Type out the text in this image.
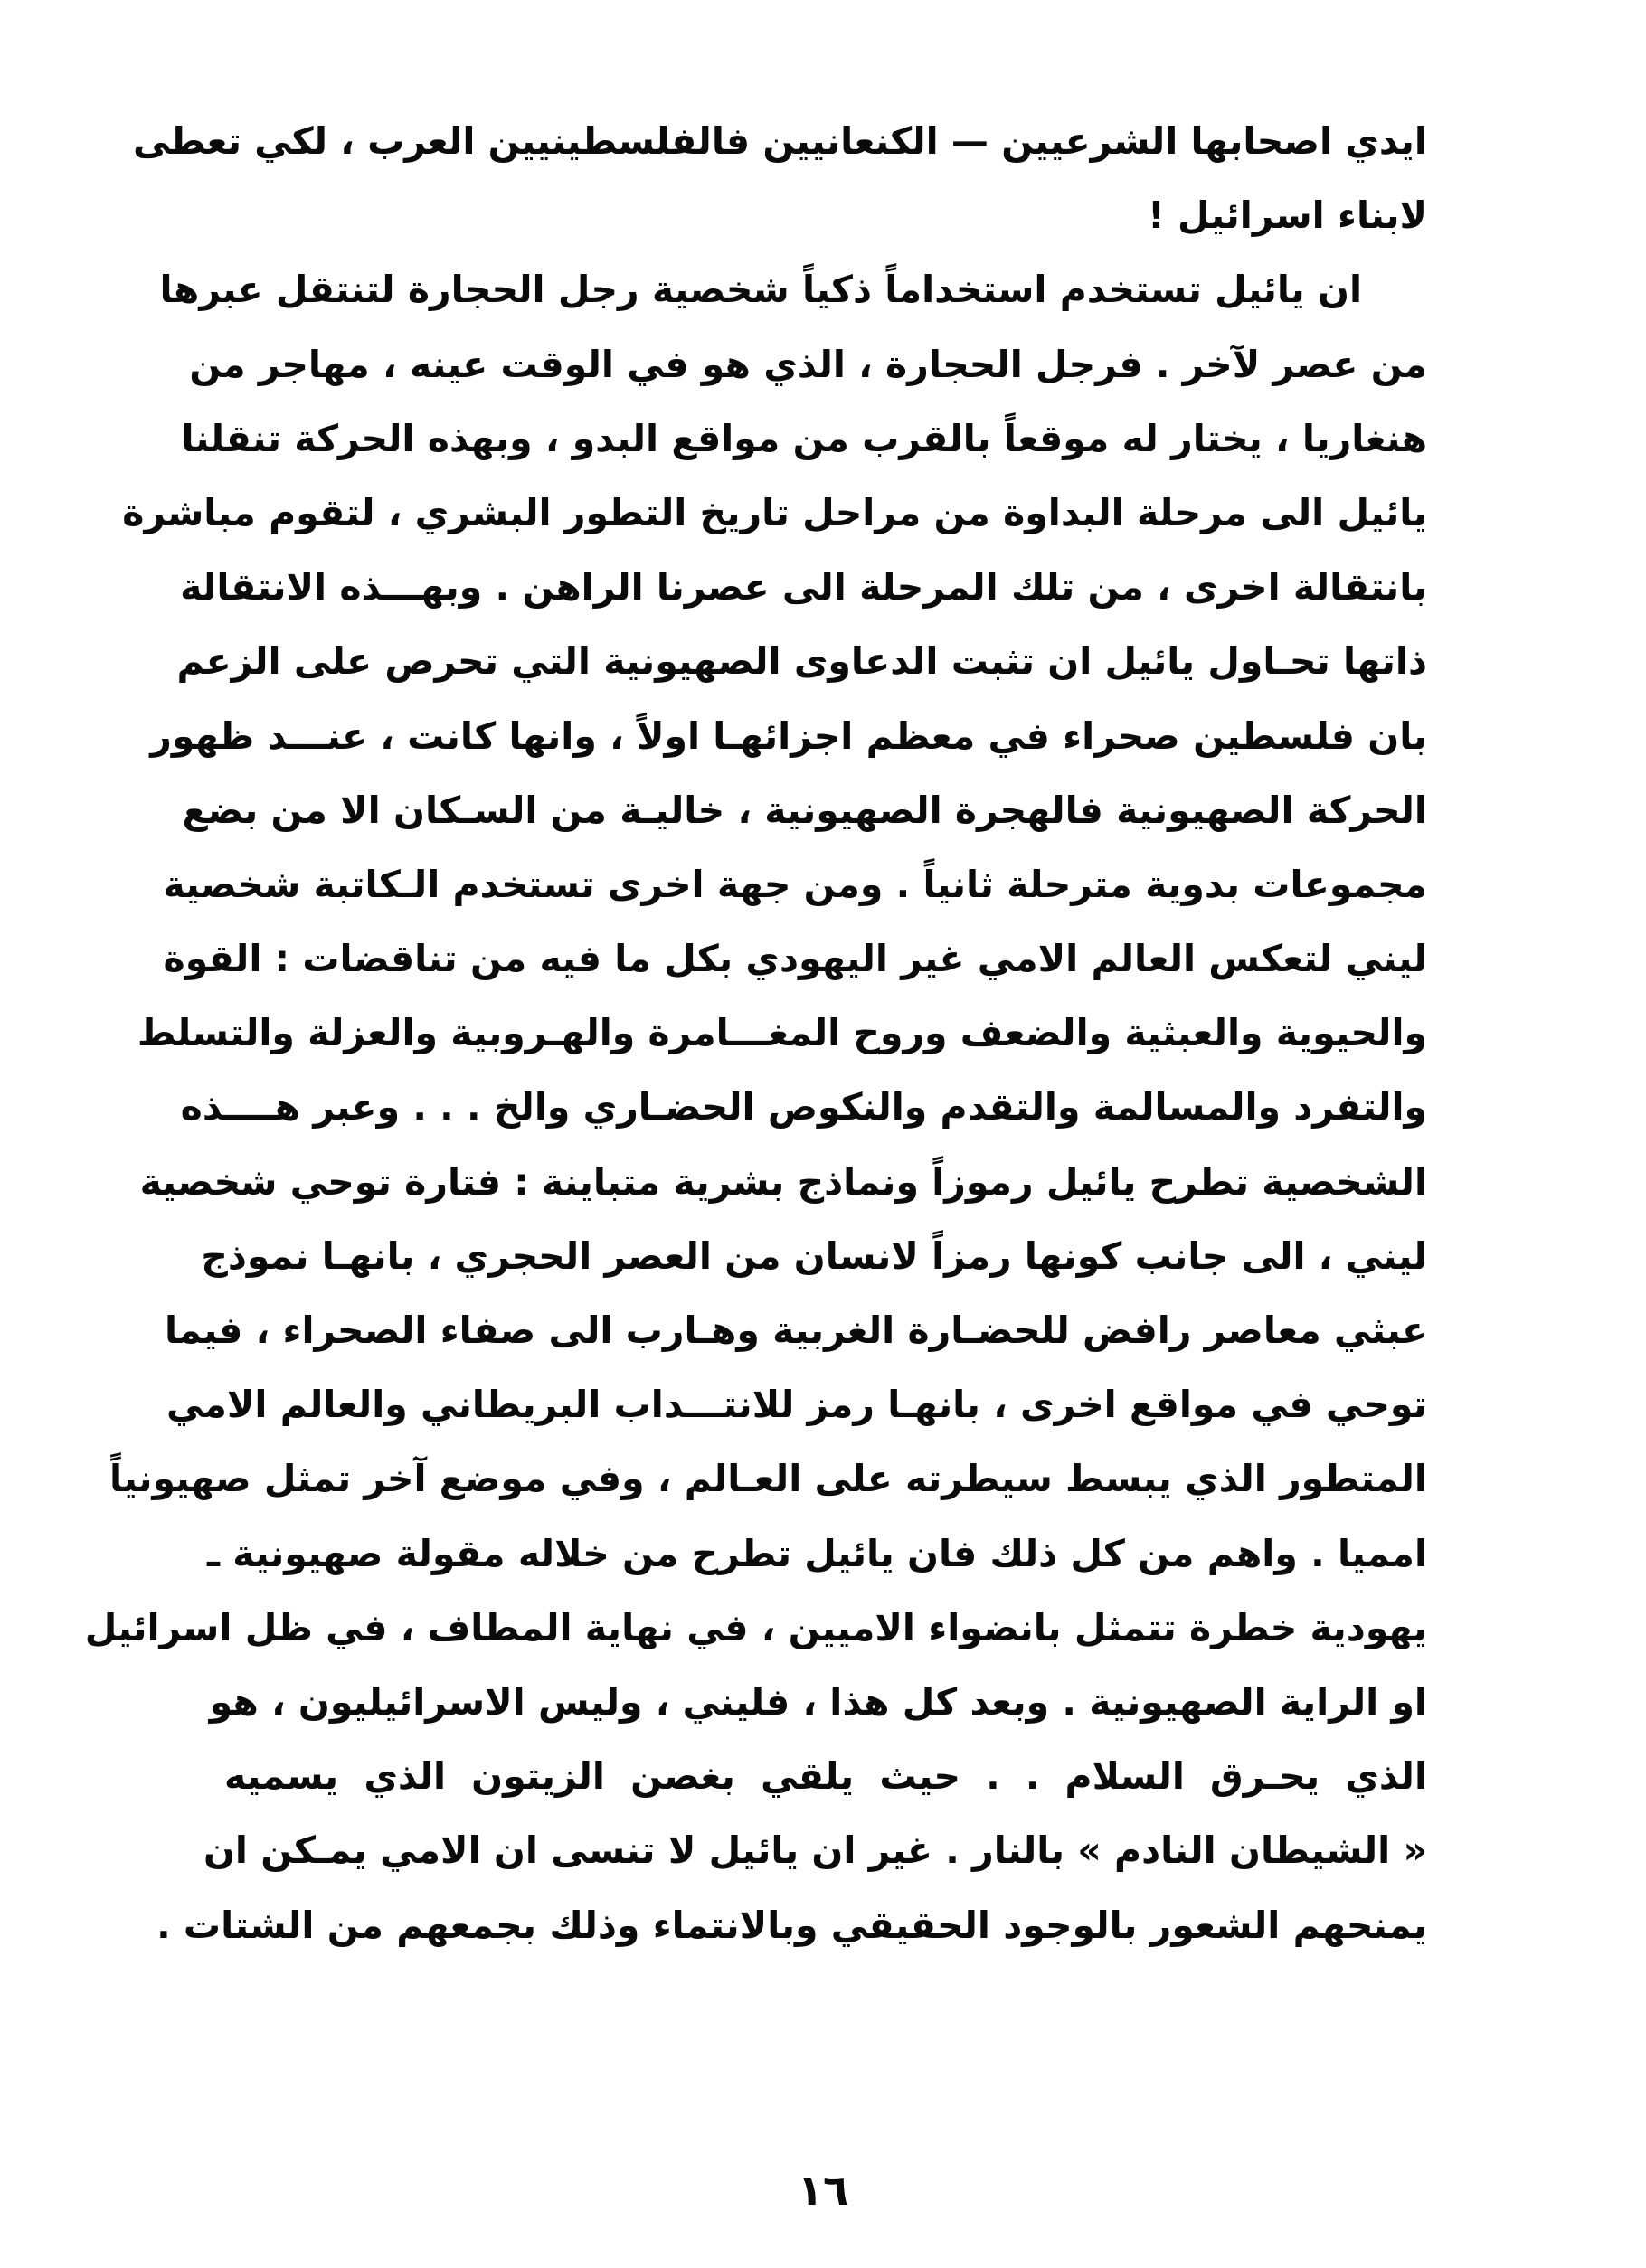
ايدي اصحابها الشرعيين — الكنعانيين فالفلسطينيين العرب ، لكي تعطى
لابناء اسرائيل !
ان يائيل تستخدم استخداماً ذكياً شخصية رجل الحجارة لتنتقل عبرها
من عصر لآخر . فرجل الحجارة ، الذي هو في الوقت عينه ، مهاجر من
هنغاريا ، يختار له موقعاً بالقرب من مواقع البدو ، وبهذه الحركة تنقلنا
يائيل الى مرحلة البداوة من مراحل تاريخ التطور البشري ، لتقوم مباشرة
بانتقالة اخرى ، من تلك المرحلة الى عصرنا الراهن . وبهـــذه الانتقالة
ذاتها تحـاول يائيل ان تثبت الدعاوى الصهيونية التي تحرص على الزعم
بان فلسطين صحراء في معظم اجزائهـا اولاً ، وانها كانت ، عنـــد ظهور
الحركة الصهيونية فالهجرة الصهيونية ، خاليـة من السـكان الا من بضع
مجموعات بدوية مترحلة ثانياً . ومن جهة اخرى تستخدم الـكاتبة شخصية
ليني لتعكس العالم الامي غير اليهودي بكل ما فيه من تناقضات : القوة
والحيوية والعبثية والضعف وروح المغـــامرة والهـروبية والعزلة والتسلط
والتفرد والمسالمة والتقدم والنكوص الحضـاري والخ . . . وعبر هــــذه
الشخصية تطرح يائيل رموزاً ونماذج بشرية متباينة : فتارة توحي شخصية
ليني ، الى جانب كونها رمزاً لانسان من العصر الحجري ، بانهـا نموذج
عبثي معاصر رافض للحضـارة الغربية وهـارب الى صفاء الصحراء ، فيما
توحي في مواقع اخرى ، بانهـا رمز للانتـــداب البريطاني والعالم الامي
المتطور الذي يبسط سيطرته على العـالم ، وفي موضع آخر تمثل صهيونياً
امميا . واهم من كل ذلك فان يائيل تطرح من خلاله مقولة صهيونية ـ
يهودية خطرة تتمثل بانضواء الاميين ، في نهاية المطاف ، في ظل اسرائيل
او الراية الصهيونية . وبعد كل هذا ، فليني ، وليس الاسرائيليون ، هو
الذي يحـرق السلام . . حيث يلقي بغصن الزيتون الذي يسميه
« الشيطان النادم » بالنار . غير ان يائيل لا تنسى ان الامي يمـكن ان
يمنحهم الشعور بالوجود الحقيقي وبالانتماء وذلك بجمعهم من الشتات .
١٦
